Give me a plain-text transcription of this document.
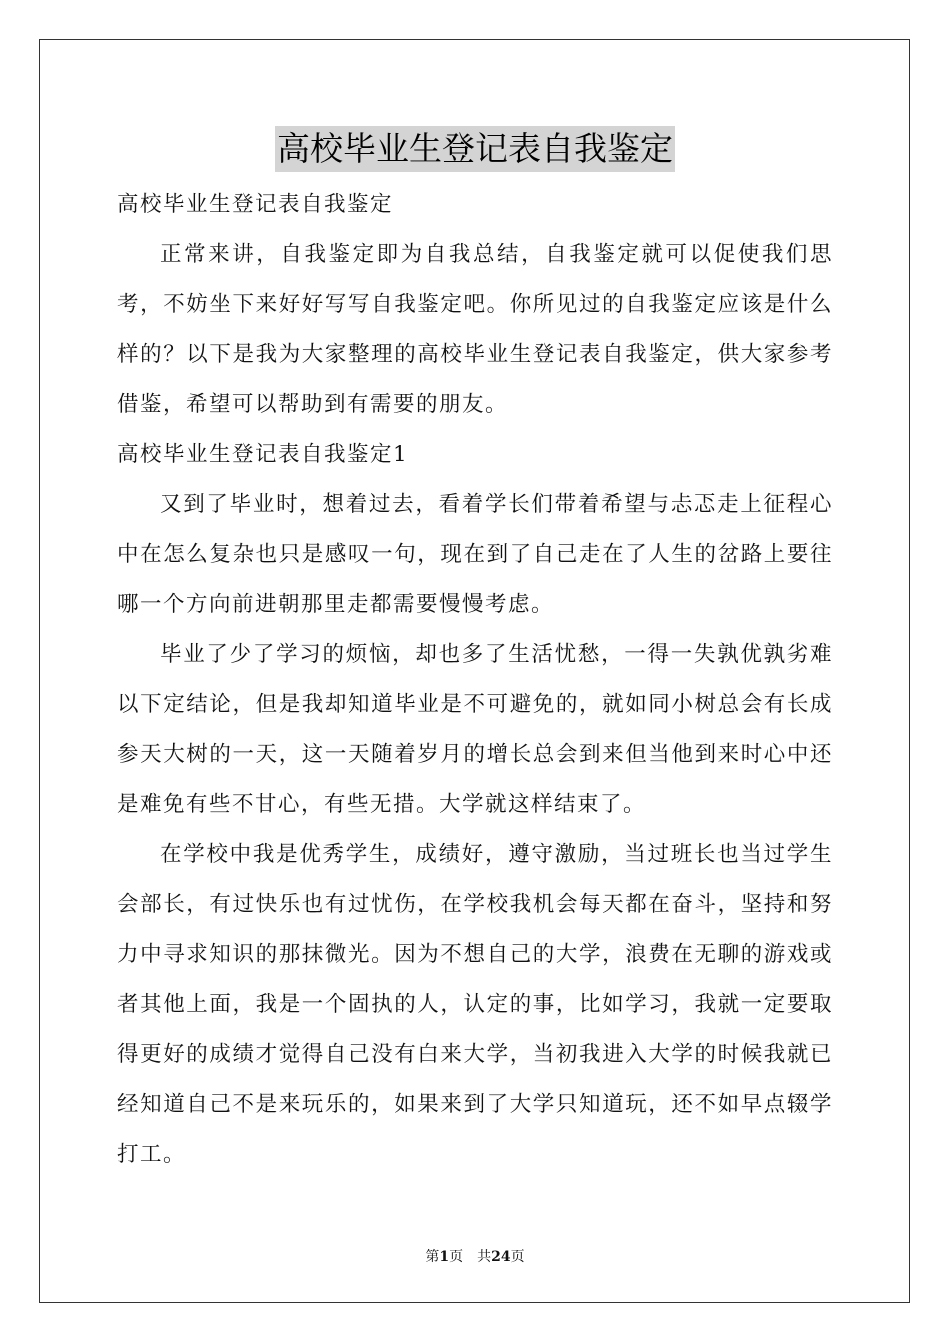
高校毕业生登记表自我鉴定
高校毕业生登记表自我鉴定
正常来讲，自我鉴定即为自我总结，自我鉴定就可以促使我们思考，不妨坐下来好好写写自我鉴定吧。你所见过的自我鉴定应该是什么样的？以下是我为大家整理的高校毕业生登记表自我鉴定，供大家参考借鉴，希望可以帮助到有需要的朋友。
高校毕业生登记表自我鉴定1
又到了毕业时，想着过去，看着学长们带着希望与忐忑走上征程心中在怎么复杂也只是感叹一句，现在到了自己走在了人生的岔路上要往哪一个方向前进朝那里走都需要慢慢考虑。
毕业了少了学习的烦恼，却也多了生活忧愁，一得一失孰优孰劣难以下定结论，但是我却知道毕业是不可避免的，就如同小树总会有长成参天大树的一天，这一天随着岁月的增长总会到来但当他到来时心中还是难免有些不甘心，有些无措。大学就这样结束了。
在学校中我是优秀学生，成绩好，遵守激励，当过班长也当过学生会部长，有过快乐也有过忧伤，在学校我机会每天都在奋斗，坚持和努力中寻求知识的那抹微光。因为不想自己的大学，浪费在无聊的游戏或者其他上面，我是一个固执的人，认定的事，比如学习，我就一定要取得更好的成绩才觉得自己没有白来大学，当初我进入大学的时候我就已经知道自己不是来玩乐的，如果来到了大学只知道玩，还不如早点辍学打工。
第1页　共24页
